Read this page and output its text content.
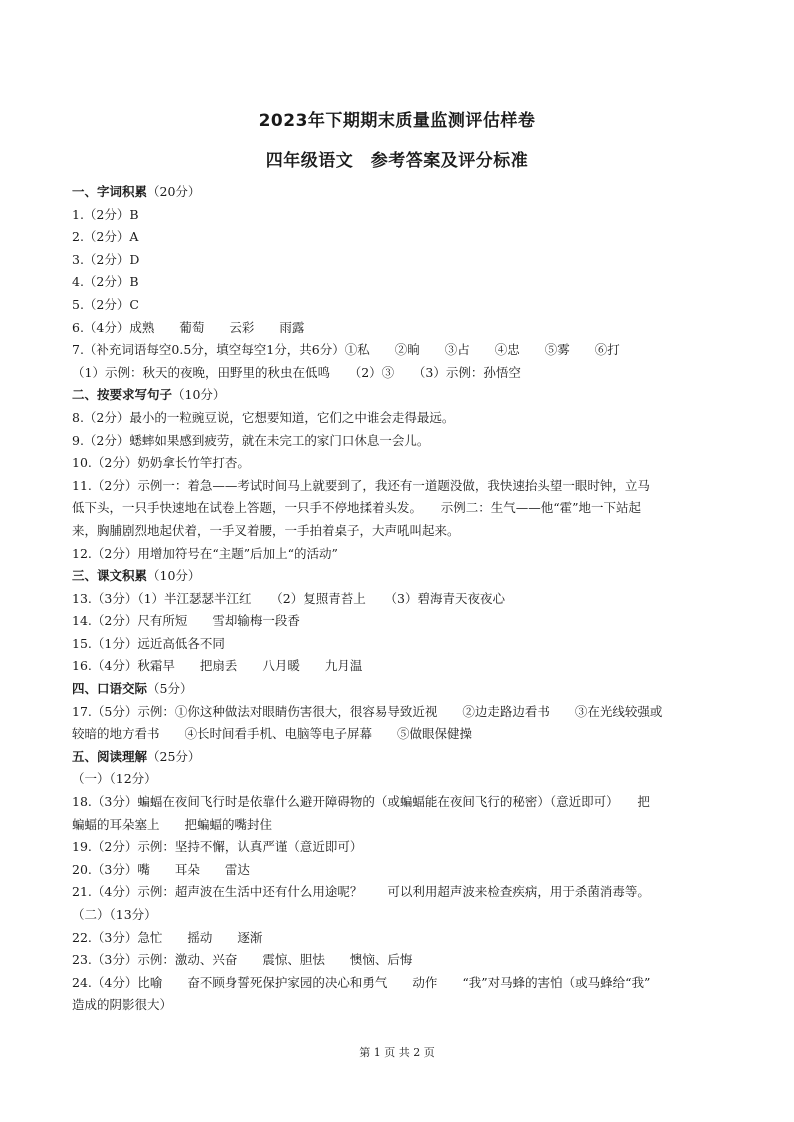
2023年下期期末质量监测评估样卷
四年级语文　参考答案及评分标准
一、字词积累（20分）
1.（2分）B
2.（2分）A
3.（2分）D
4.（2分）B
5.（2分）C
6.（4分）成熟　　葡萄　　云彩　　雨露
7.（补充词语每空0.5分，填空每空1分，共6分）①私　　②晌　　③占　　④忠　　⑤雾　　⑥打
（1）示例：秋天的夜晚，田野里的秋虫在低鸣　　（2）③　　（3）示例：孙悟空
二、按要求写句子（10分）
8.（2分）最小的一粒豌豆说，它想要知道，它们之中谁会走得最远。
9.（2分）蟋蟀如果感到疲劳，就在未完工的家门口休息一会儿。
10.（2分）奶奶拿长竹竿打杏。
11.（2分）示例一：着急——考试时间马上就要到了，我还有一道题没做，我快速抬头望一眼时钟，立马
低下头，一只手快速地在试卷上答题，一只手不停地揉着头发。　　示例二：生气——他“霍”地一下站起
来，胸脯剧烈地起伏着，一手叉着腰，一手拍着桌子，大声吼叫起来。
12.（2分）用增加符号在“主题”后加上“的活动”
三、课文积累（10分）
13.（3分）（1）半江瑟瑟半江红　　（2）复照青苔上　　（3）碧海青天夜夜心
14.（2分）尺有所短　　雪却输梅一段香
15.（1分）远近高低各不同
16.（4分）秋霜早　　把扇丢　　八月暖　　九月温
四、口语交际（5分）
17.（5分）示例：①你这种做法对眼睛伤害很大，很容易导致近视　　②边走路边看书　　③在光线较强或
较暗的地方看书　　④长时间看手机、电脑等电子屏幕　　⑤做眼保健操
五、阅读理解（25分）
（一）（12分）
18.（3分）蝙蝠在夜间飞行时是依靠什么避开障碍物的（或蝙蝠能在夜间飞行的秘密）（意近即可）　　把
蝙蝠的耳朵塞上　　把蝙蝠的嘴封住
19.（2分）示例：坚持不懈，认真严谨（意近即可）
20.（3分）嘴　　耳朵　　雷达
21.（4分）示例：超声波在生活中还有什么用途呢？　　可以利用超声波来检查疾病，用于杀菌消毒等。
（二）（13分）
22.（3分）急忙　　摇动　　逐渐
23.（3分）示例：激动、兴奋　　震惊、胆怯　　懊恼、后悔
24.（4分）比喻　　奋不顾身誓死保护家园的决心和勇气　　动作　　“我”对马蜂的害怕（或马蜂给“我”
造成的阴影很大）
第 1 页 共 2 页
